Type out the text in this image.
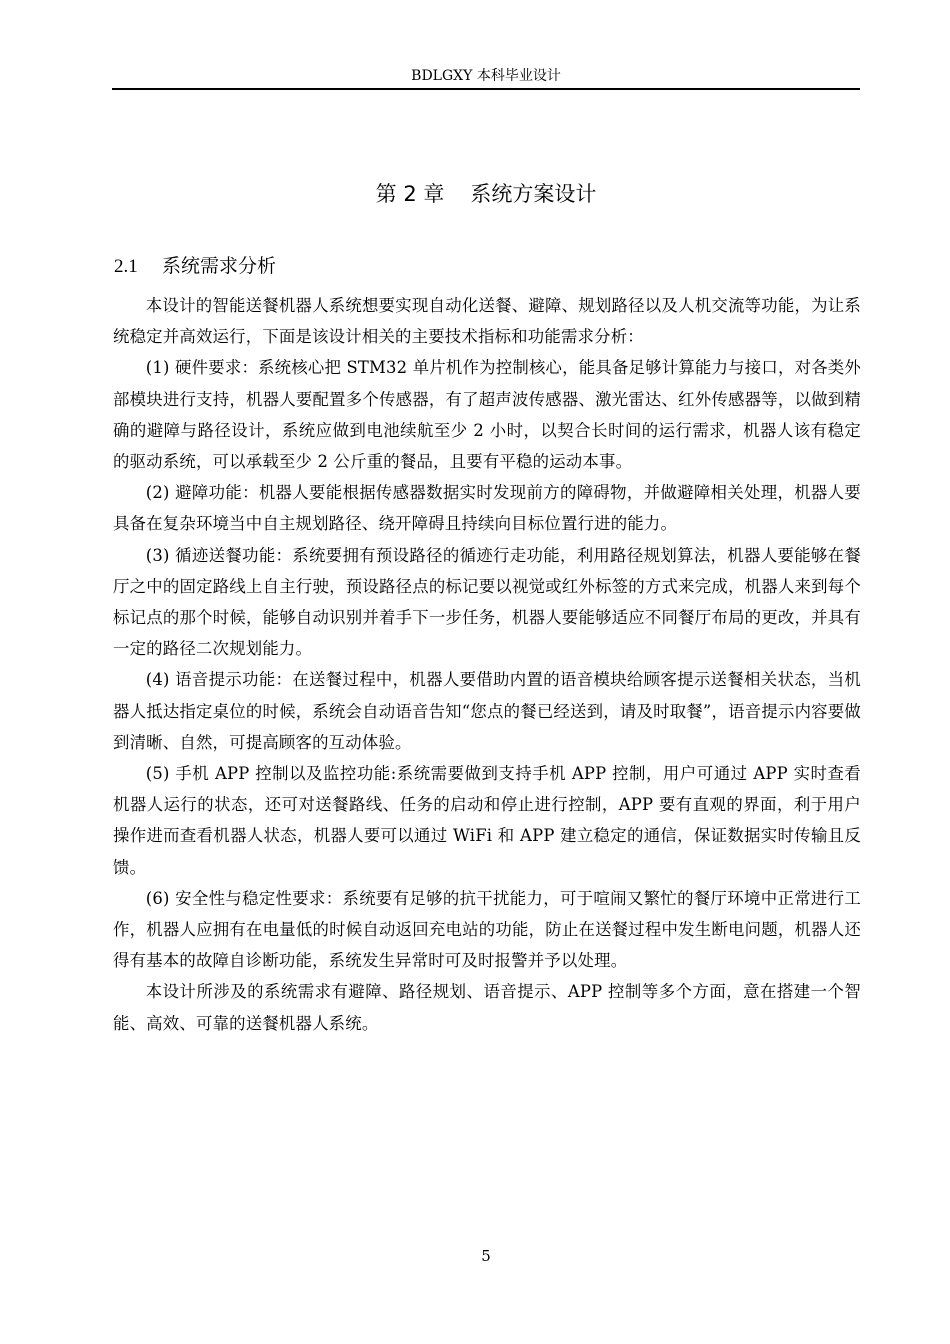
BDLGXY 本科毕业设计
第 2 章 系统方案设计
2.1 系统需求分析

本设计的智能送餐机器人系统想要实现自动化送餐、避障、规划路径以及人机交流等功能，为让系统稳定并高效运行，下面是该设计相关的主要技术指标和功能需求分析：

(1) 硬件要求：系统核心把 STM32 单片机作为控制核心，能具备足够计算能力与接口，对各类外部模块进行支持，机器人要配置多个传感器，有了超声波传感器、激光雷达、红外传感器等，以做到精确的避障与路径设计，系统应做到电池续航至少 2 小时，以契合长时间的运行需求，机器人该有稳定的驱动系统，可以承载至少 2 公斤重的餐品，且要有平稳的运动本事。

(2) 避障功能：机器人要能根据传感器数据实时发现前方的障碍物，并做避障相关处理，机器人要具备在复杂环境当中自主规划路径、绕开障碍且持续向目标位置行进的能力。

(3) 循迹送餐功能：系统要拥有预设路径的循迹行走功能，利用路径规划算法，机器人要能够在餐厅之中的固定路线上自主行驶，预设路径点的标记要以视觉或红外标签的方式来完成，机器人来到每个标记点的那个时候，能够自动识别并着手下一步任务，机器人要能够适应不同餐厅布局的更改，并具有一定的路径二次规划能力。

(4) 语音提示功能：在送餐过程中，机器人要借助内置的语音模块给顾客提示送餐相关状态，当机器人抵达指定桌位的时候，系统会自动语音告知“您点的餐已经送到，请及时取餐”，语音提示内容要做到清晰、自然，可提高顾客的互动体验。

(5) 手机 APP 控制以及监控功能:系统需要做到支持手机 APP 控制，用户可通过 APP 实时查看机器人运行的状态，还可对送餐路线、任务的启动和停止进行控制，APP 要有直观的界面，利于用户操作进而查看机器人状态，机器人要可以通过 WiFi 和 APP 建立稳定的通信，保证数据实时传输且反馈。

(6) 安全性与稳定性要求：系统要有足够的抗干扰能力，可于喧闹又繁忙的餐厅环境中正常进行工作，机器人应拥有在电量低的时候自动返回充电站的功能，防止在送餐过程中发生断电问题，机器人还得有基本的故障自诊断功能，系统发生异常时可及时报警并予以处理。

本设计所涉及的系统需求有避障、路径规划、语音提示、APP 控制等多个方面，意在搭建一个智能、高效、可靠的送餐机器人系统。

5
